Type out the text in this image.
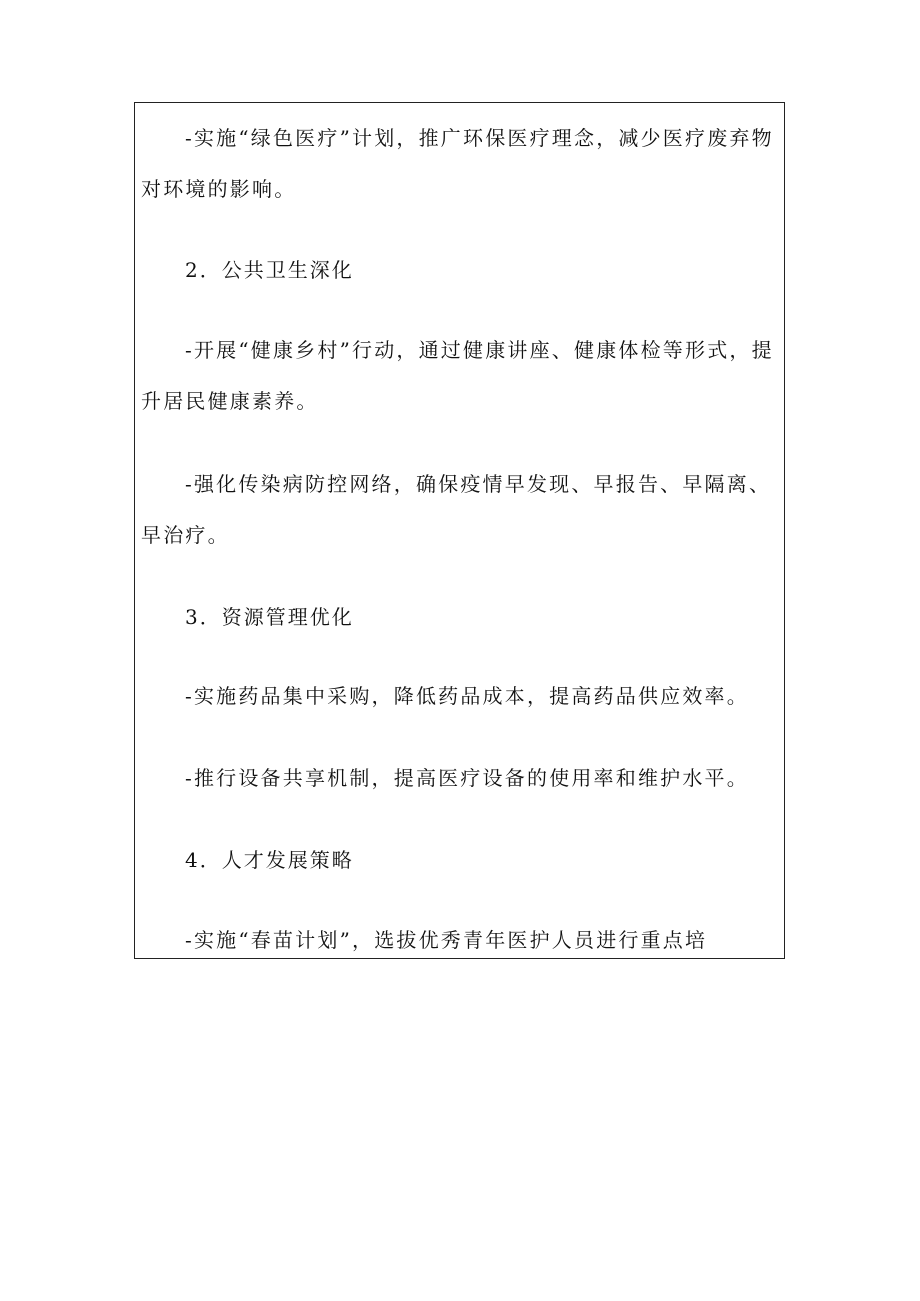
-实施“绿色医疗”计划，推广环保医疗理念，减少医疗废弃物对环境的影响。

2．公共卫生深化

-开展“健康乡村”行动，通过健康讲座、健康体检等形式，提升居民健康素养。

-强化传染病防控网络，确保疫情早发现、早报告、早隔离、早治疗。

3．资源管理优化

-实施药品集中采购，降低药品成本，提高药品供应效率。

-推行设备共享机制，提高医疗设备的使用率和维护水平。

4．人才发展策略

-实施“春苗计划”，选拔优秀青年医护人员进行重点培
